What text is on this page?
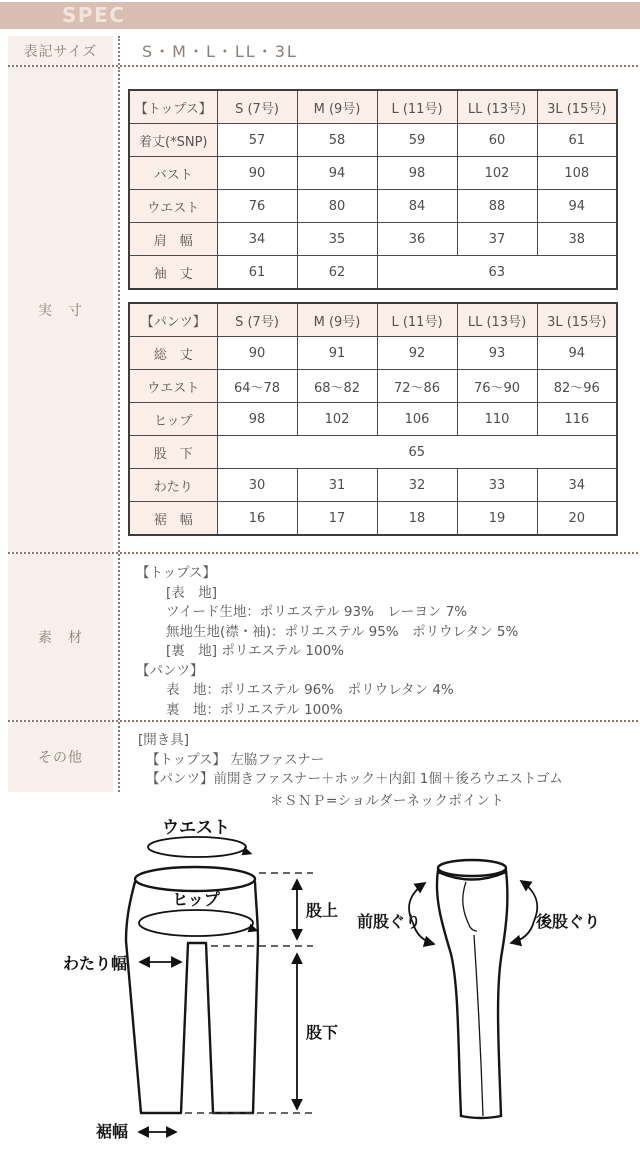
SPEC
表記サイズ	S・M・L・LL・3L
実　寸
【トップス】	S (7号)	M (9号)	L (11号)	LL (13号)	3L (15号)
着丈(*SNP)	57	58	59	60	61
バスト	90	94	98	102	108
ウエスト	76	80	84	88	94
肩　幅	34	35	36	37	38
袖　丈	61	62	63		
【パンツ】	S (7号)	M (9号)	L (11号)	LL (13号)	3L (15号)
総　丈	90	91	92	93	94
ウエスト	64～78	68～82	72～86	76～90	82～96
ヒップ	98	102	106	110	116
股　下	65				
わたり	30	31	32	33	34
裾　幅	16	17	18	19	20
素　材
【トップス】
[表　地]
ツイード生地：ポリエステル 93%　レーヨン 7%
無地生地(襟・袖)：ポリエステル 95%　ポリウレタン 5%
[裏　地] ポリエステル 100%
【パンツ】
表　地：ポリエステル 96%　ポリウレタン 4%
裏　地：ポリエステル 100%
その他
[開き具]
【トップス】 左脇ファスナー
【パンツ】前開きファスナー＋ホック＋内釦 1個＋後ろウエストゴム
＊ＳＮＰ=ショルダーネックポイント
ウエスト
ヒップ
わたり幅
股上
股下
裾幅
前股ぐり	後股ぐり
